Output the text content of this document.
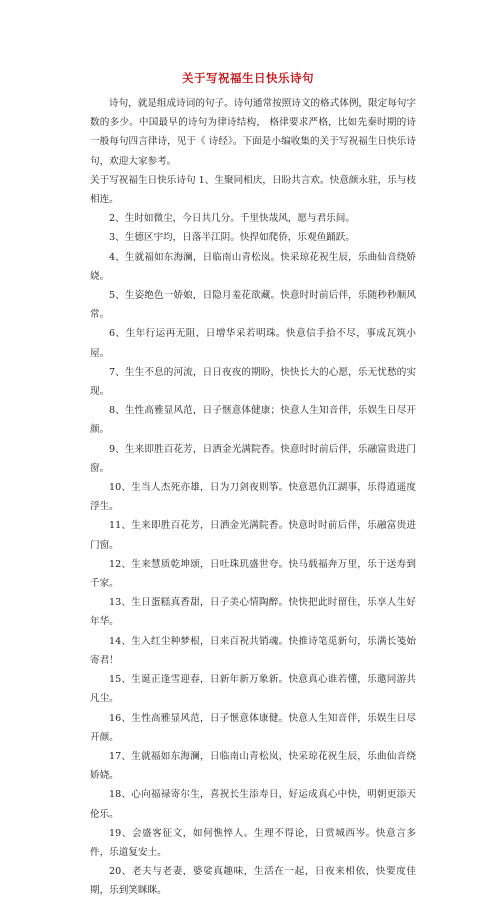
关于写祝福生日快乐诗句

诗句，就是组成诗词的句子。诗句通常按照诗文的格式体例，限定每句字数的多少。中国最早的诗句为律诗结构， 格律要求严格，比如先秦时期的诗一般每句四言律诗，见于《 诗经》。下面是小编收集的关于写祝福生日快乐诗句，欢迎大家参考。

关于写祝福生日快乐诗句 1、生聚同相庆，日盼共言欢。快意颜永驻，乐与枝相连。

2、生时如微尘，今日共几分。千里快哉风，愿与君乐间。

3、生德区宇均，日落半江阴。快捍如爬侨，乐观鱼踊跃。

4、生就福如东海澜，日临南山青松岚。快采琼花祝生辰，乐曲仙音绕娇娆。

5、生姿绝色一娇娘，日隐月羞花欲藏。快意时时前后伴，乐随秒秒顺风常。

6、生年行运再无阻，日增华采若明珠。快意信手拾不尽，事成瓦筑小屋。

7、生生不息的河流，日日夜夜的期盼，快快长大的心愿，乐无忧愁的实现。

8、生性高雅显风范，日子惬意体健康；快意人生知音伴，乐娱生日尽开颜。

9、生来即胜百花芳，日洒金光满院香。快意时时前后伴，乐融富贵进门窗。

10、生当人杰死亦雄，日为刀剑夜则筝。快意恩仇江湖事，乐得逍遥度浮生。

11、生来即胜百花芳，日洒金光满院香。快意时时前后伴，乐融富贵进门窗。

12、生来慧质乾坤颂，日吐珠玑盛世夸。快马载福奔万里，乐于送寿到千家。

13、生日蛋糕真香甜，日子美心情陶醉。快快把此时留住，乐享人生好年华。

14、生入红尘种梦根，日来百祝共销魂。快推诗笔觅新句，乐满长笺始寄君！

15、生诞正逢雪迎春，日新年新万象新。快意真心谁若懂，乐邀同游共凡尘。

16、生性高雅显风范，日子惬意体康健。快意人生知音伴，乐娱生日尽开颜。

17、生就福如东海澜，日临南山青松岚，快采琼花祝生辰，乐曲仙音绕娇娆。

18、心向福禄寄尔生，喜祝长生添寿日，好运成真心中快，明朝更添天伦乐。

19、会盛客征文，如何憔悴人。生理不得论，日赏城西岑。快意言多件，乐道复安土。

20、老夫与老妻，婆娑真趣味，生活在一起，日夜来相依，快要度佳期，乐到笑眯眯。
